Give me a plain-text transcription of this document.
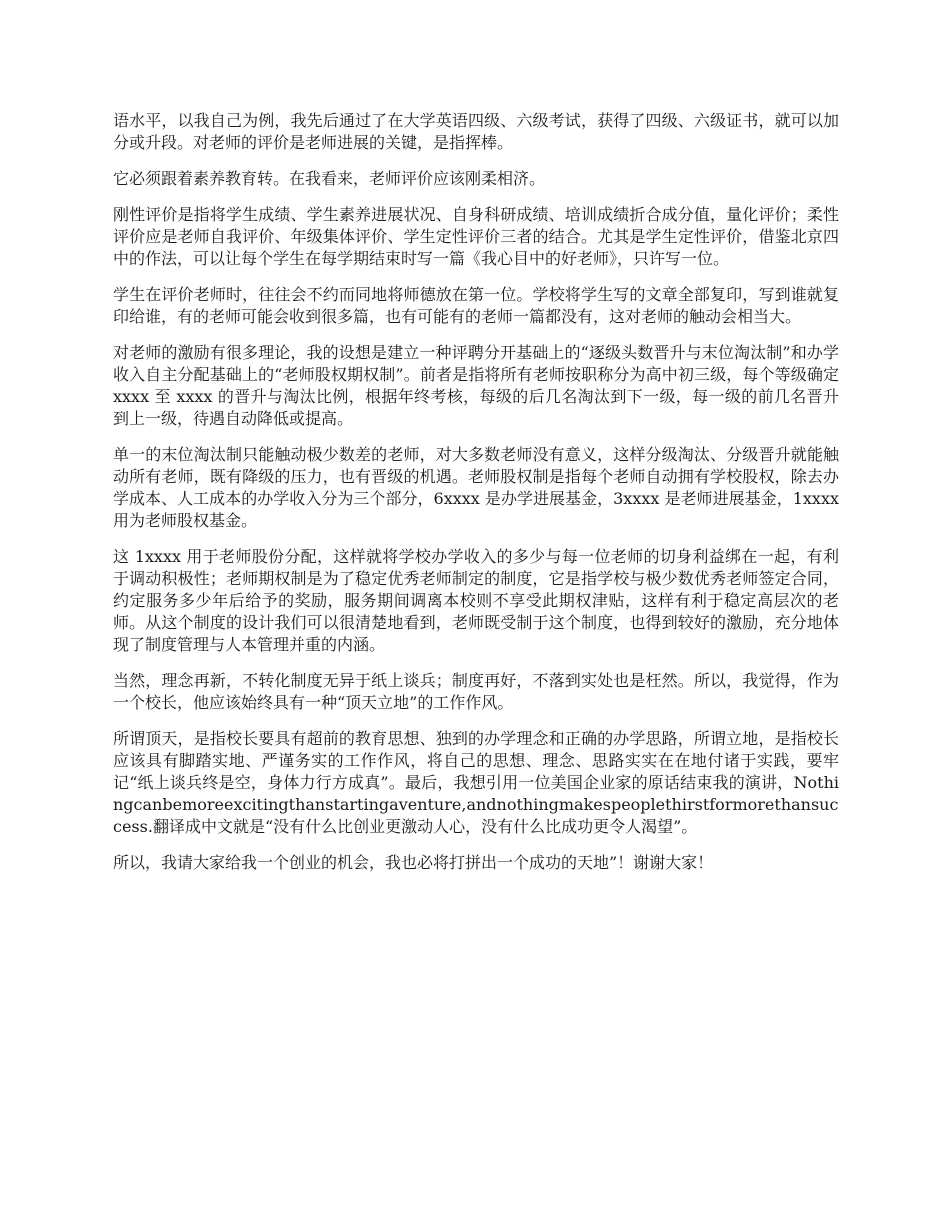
语水平，以我自己为例，我先后通过了在大学英语四级、六级考试，获得了四级、六级证书，就可以加分或升段。对老师的评价是老师进展的关键，是指挥棒。

它必须跟着素养教育转。在我看来，老师评价应该刚柔相济。

刚性评价是指将学生成绩、学生素养进展状况、自身科研成绩、培训成绩折合成分值，量化评价；柔性评价应是老师自我评价、年级集体评价、学生定性评价三者的结合。尤其是学生定性评价，借鉴北京四中的作法，可以让每个学生在每学期结束时写一篇《我心目中的好老师》，只许写一位。

学生在评价老师时，往往会不约而同地将师德放在第一位。学校将学生写的文章全部复印，写到谁就复印给谁，有的老师可能会收到很多篇，也有可能有的老师一篇都没有，这对老师的触动会相当大。

对老师的激励有很多理论，我的设想是建立一种评聘分开基础上的“逐级头数晋升与末位淘汰制”和办学收入自主分配基础上的“老师股权期权制”。前者是指将所有老师按职称分为高中初三级，每个等级确定 xxxx 至 xxxx 的晋升与淘汰比例，根据年终考核，每级的后几名淘汰到下一级，每一级的前几名晋升到上一级，待遇自动降低或提高。

单一的末位淘汰制只能触动极少数差的老师，对大多数老师没有意义，这样分级淘汰、分级晋升就能触动所有老师，既有降级的压力，也有晋级的机遇。老师股权制是指每个老师自动拥有学校股权，除去办学成本、人工成本的办学收入分为三个部分，6xxxx 是办学进展基金，3xxxx 是老师进展基金，1xxxx 用为老师股权基金。

这 1xxxx 用于老师股份分配，这样就将学校办学收入的多少与每一位老师的切身利益绑在一起，有利于调动积极性；老师期权制是为了稳定优秀老师制定的制度，它是指学校与极少数优秀老师签定合同，约定服务多少年后给予的奖励，服务期间调离本校则不享受此期权津贴，这样有利于稳定高层次的老师。从这个制度的设计我们可以很清楚地看到，老师既受制于这个制度，也得到较好的激励，充分地体现了制度管理与人本管理并重的内涵。

当然，理念再新，不转化制度无异于纸上谈兵；制度再好，不落到实处也是枉然。所以，我觉得，作为一个校长，他应该始终具有一种“顶天立地”的工作作风。

所谓顶天，是指校长要具有超前的教育思想、独到的办学理念和正确的办学思路，所谓立地，是指校长应该具有脚踏实地、严谨务实的工作作风，将自己的思想、理念、思路实实在在地付诸于实践，要牢记“纸上谈兵终是空，身体力行方成真”。最后，我想引用一位美国企业家的原话结束我的演讲，Nothingcanbemoreexcitingthanstartingaventure,andnothingmakespeoplethirstformorethansuccess.翻译成中文就是“没有什么比创业更激动人心，没有什么比成功更令人渴望”。

所以，我请大家给我一个创业的机会，我也必将打拼出一个成功的天地”！谢谢大家！
